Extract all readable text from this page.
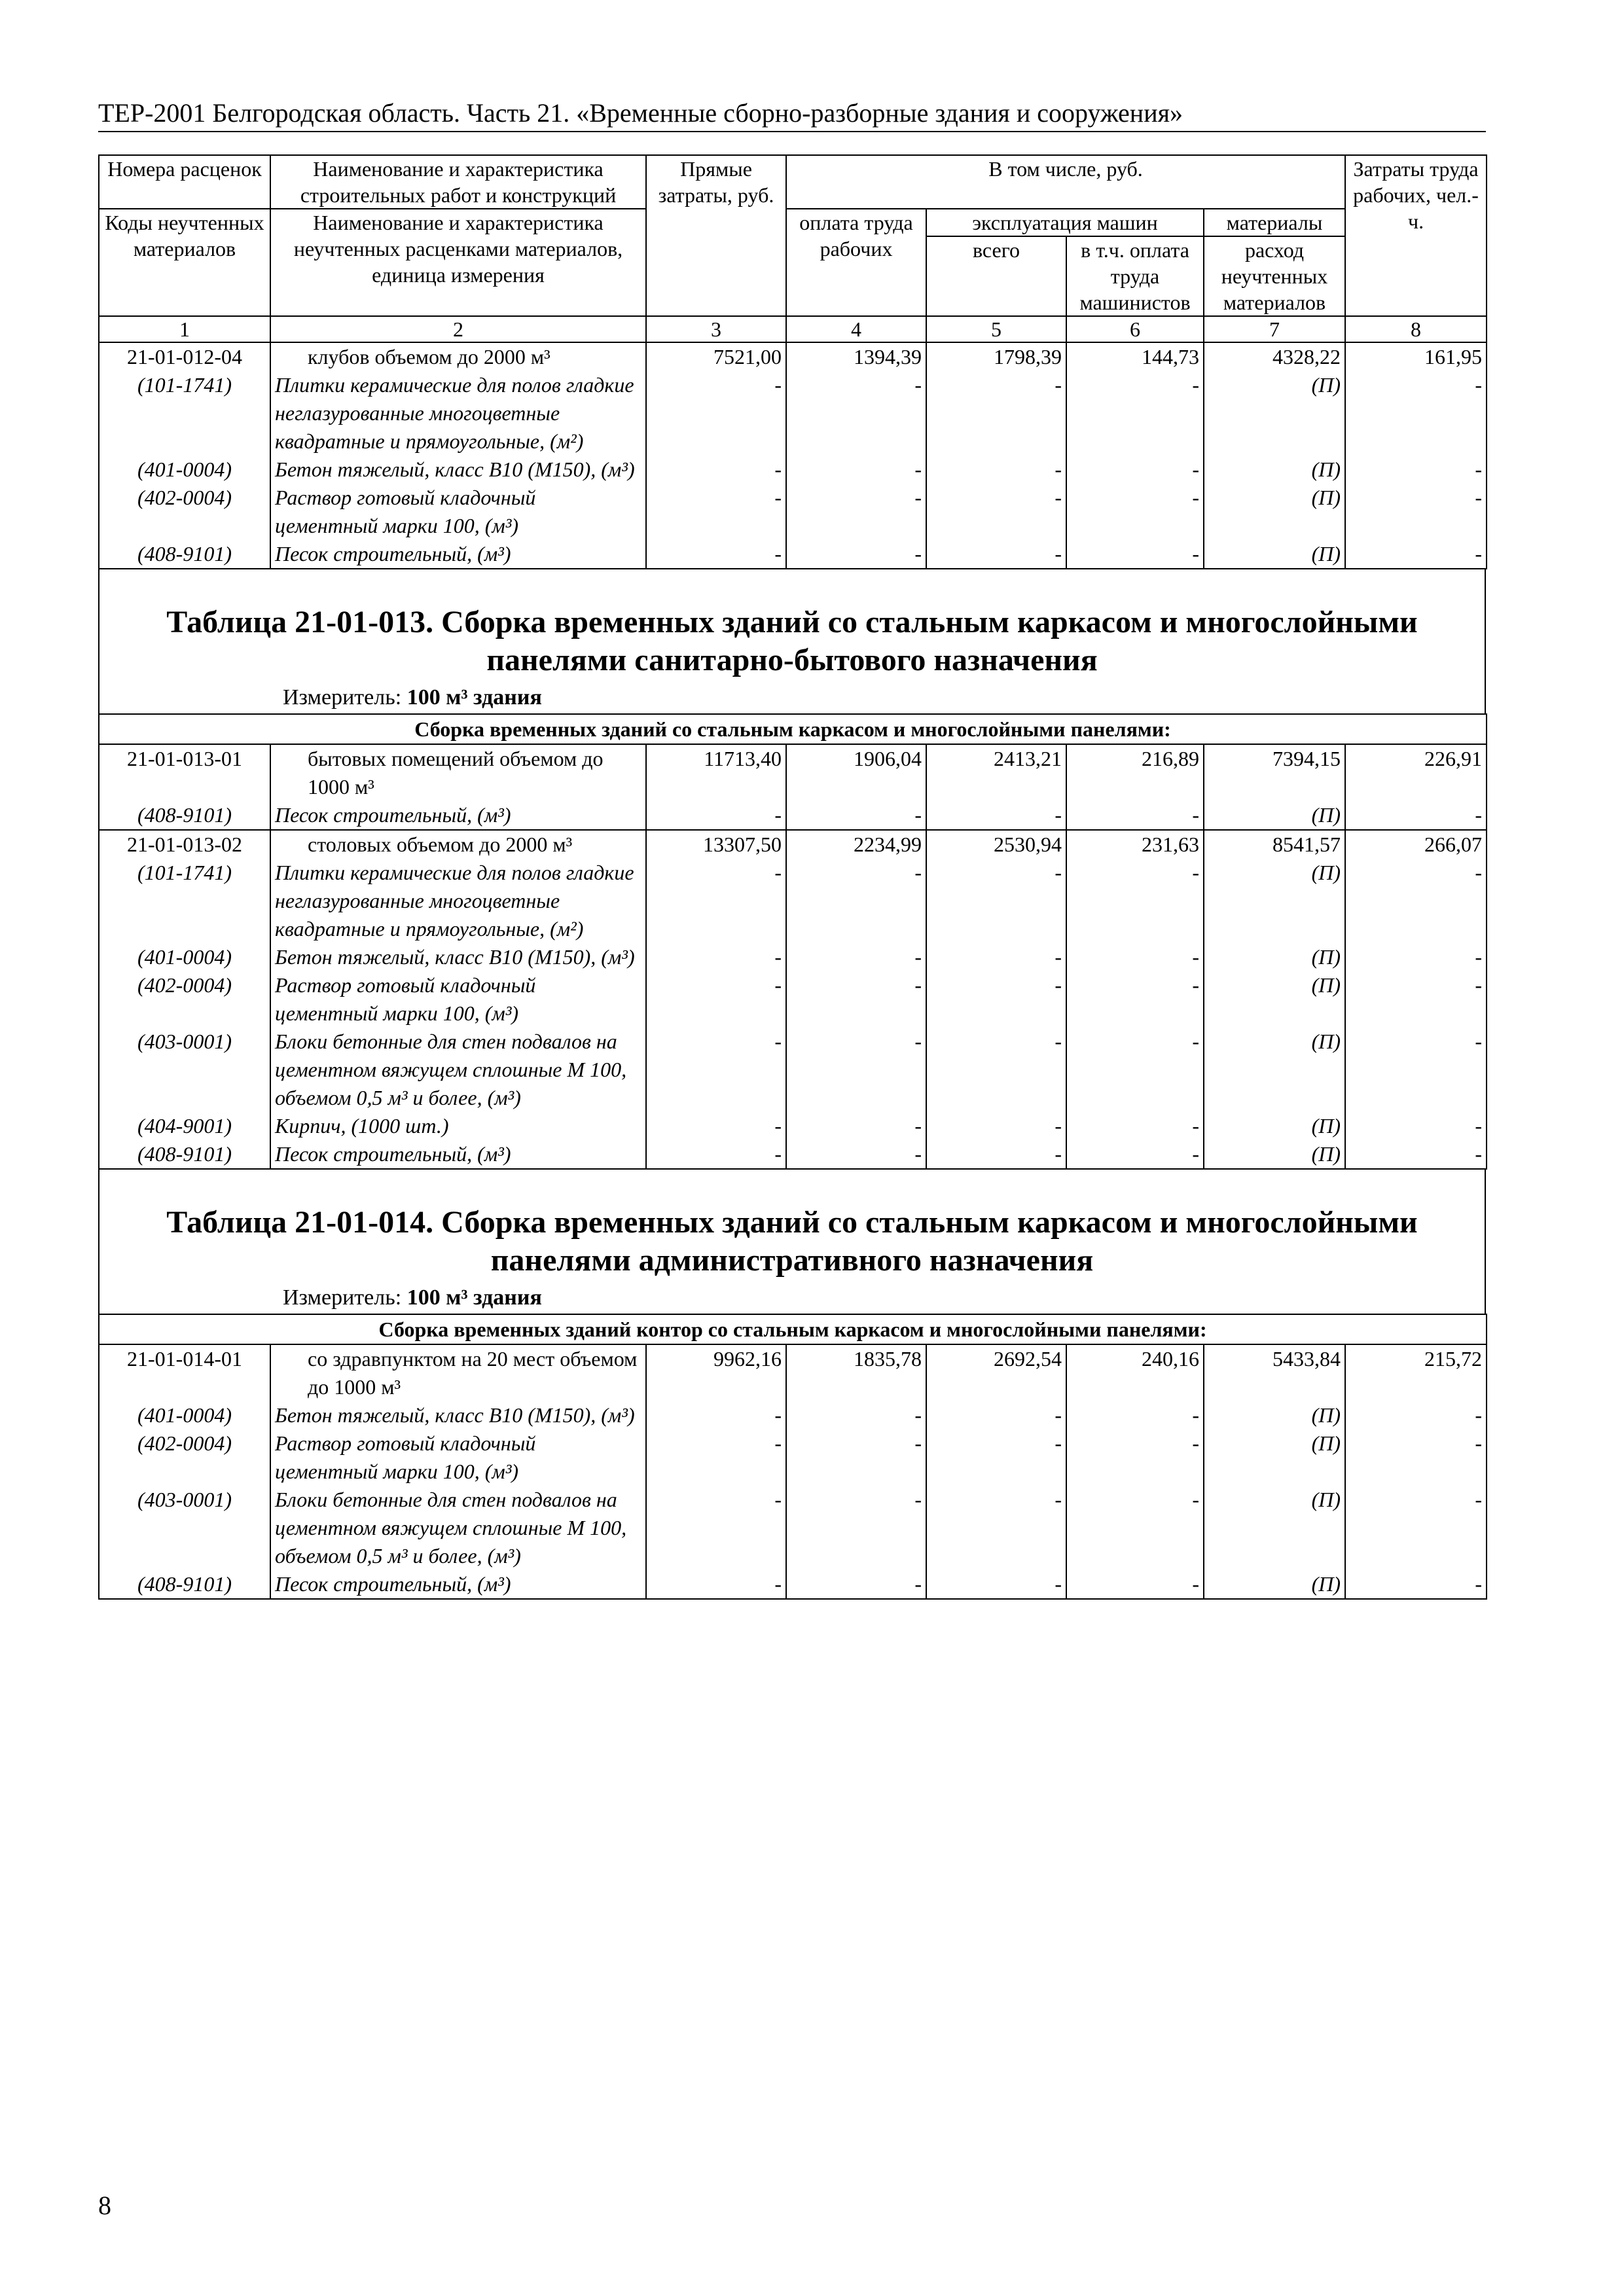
ТЕР-2001 Белгородская область. Часть 21. «Временные сборно-разборные здания и сооружения»
Номера расценок	Наименование и характеристика строительных работ и конструкций	Прямые затраты, руб.	В том числе, руб.				Затраты труда рабочих, чел.-ч.
Коды неучтенных материалов	Наименование и характеристика неучтенных расценками материалов, единица измерения		оплата труда рабочих	эксплуатация машин		материалы	
				всего	в т.ч. оплата труда машинистов	расход неучтенных материалов	
1	2	3	4	5	6	7	8
21-01-012-04	клубов объемом до 2000 м³	7521,00	1394,39	1798,39	144,73	4328,22	161,95
(101-1741)	Плитки керамические для полов гладкие неглазурованные многоцветные квадратные и прямоугольные, (м²)	-	-	-	-	(П)	-
(401-0004)	Бетон тяжелый, класс В10 (М150), (м³)	-	-	-	-	(П)	-
(402-0004)	Раствор готовый кладочный цементный марки 100, (м³)	-	-	-	-	(П)	-
(408-9101)	Песок строительный, (м³)	-	-	-	-	(П)	-
Таблица 21-01-013. Сборка временных зданий со стальным каркасом и многослойными панелями санитарно-бытового назначения
Измеритель: 100 м³ здания
Сборка временных зданий со стальным каркасом и многослойными панелями:							
21-01-013-01	бытовых помещений объемом до 1000 м³	11713,40	1906,04	2413,21	216,89	7394,15	226,91
(408-9101)	Песок строительный, (м³)	-	-	-	-	(П)	-
21-01-013-02	столовых объемом до 2000 м³	13307,50	2234,99	2530,94	231,63	8541,57	266,07
(101-1741)	Плитки керамические для полов гладкие неглазурованные многоцветные квадратные и прямоугольные, (м²)	-	-	-	-	(П)	-
(401-0004)	Бетон тяжелый, класс В10 (М150), (м³)	-	-	-	-	(П)	-
(402-0004)	Раствор готовый кладочный цементный марки 100, (м³)	-	-	-	-	(П)	-
(403-0001)	Блоки бетонные для стен подвалов на цементном вяжущем сплошные М 100, объемом 0,5 м³ и более, (м³)	-	-	-	-	(П)	-
(404-9001)	Кирпич, (1000 шт.)	-	-	-	-	(П)	-
(408-9101)	Песок строительный, (м³)	-	-	-	-	(П)	-
Таблица 21-01-014. Сборка временных зданий со стальным каркасом и многослойными панелями административного назначения
Измеритель: 100 м³ здания
Сборка временных зданий контор со стальным каркасом и многослойными панелями:							
21-01-014-01	со здравпунктом на 20 мест объемом до 1000 м³	9962,16	1835,78	2692,54	240,16	5433,84	215,72
(401-0004)	Бетон тяжелый, класс В10 (М150), (м³)	-	-	-	-	(П)	-
(402-0004)	Раствор готовый кладочный цементный марки 100, (м³)	-	-	-	-	(П)	-
(403-0001)	Блоки бетонные для стен подвалов на цементном вяжущем сплошные М 100, объемом 0,5 м³ и более, (м³)	-	-	-	-	(П)	-
(408-9101)	Песок строительный, (м³)	-	-	-	-	(П)	-
8
